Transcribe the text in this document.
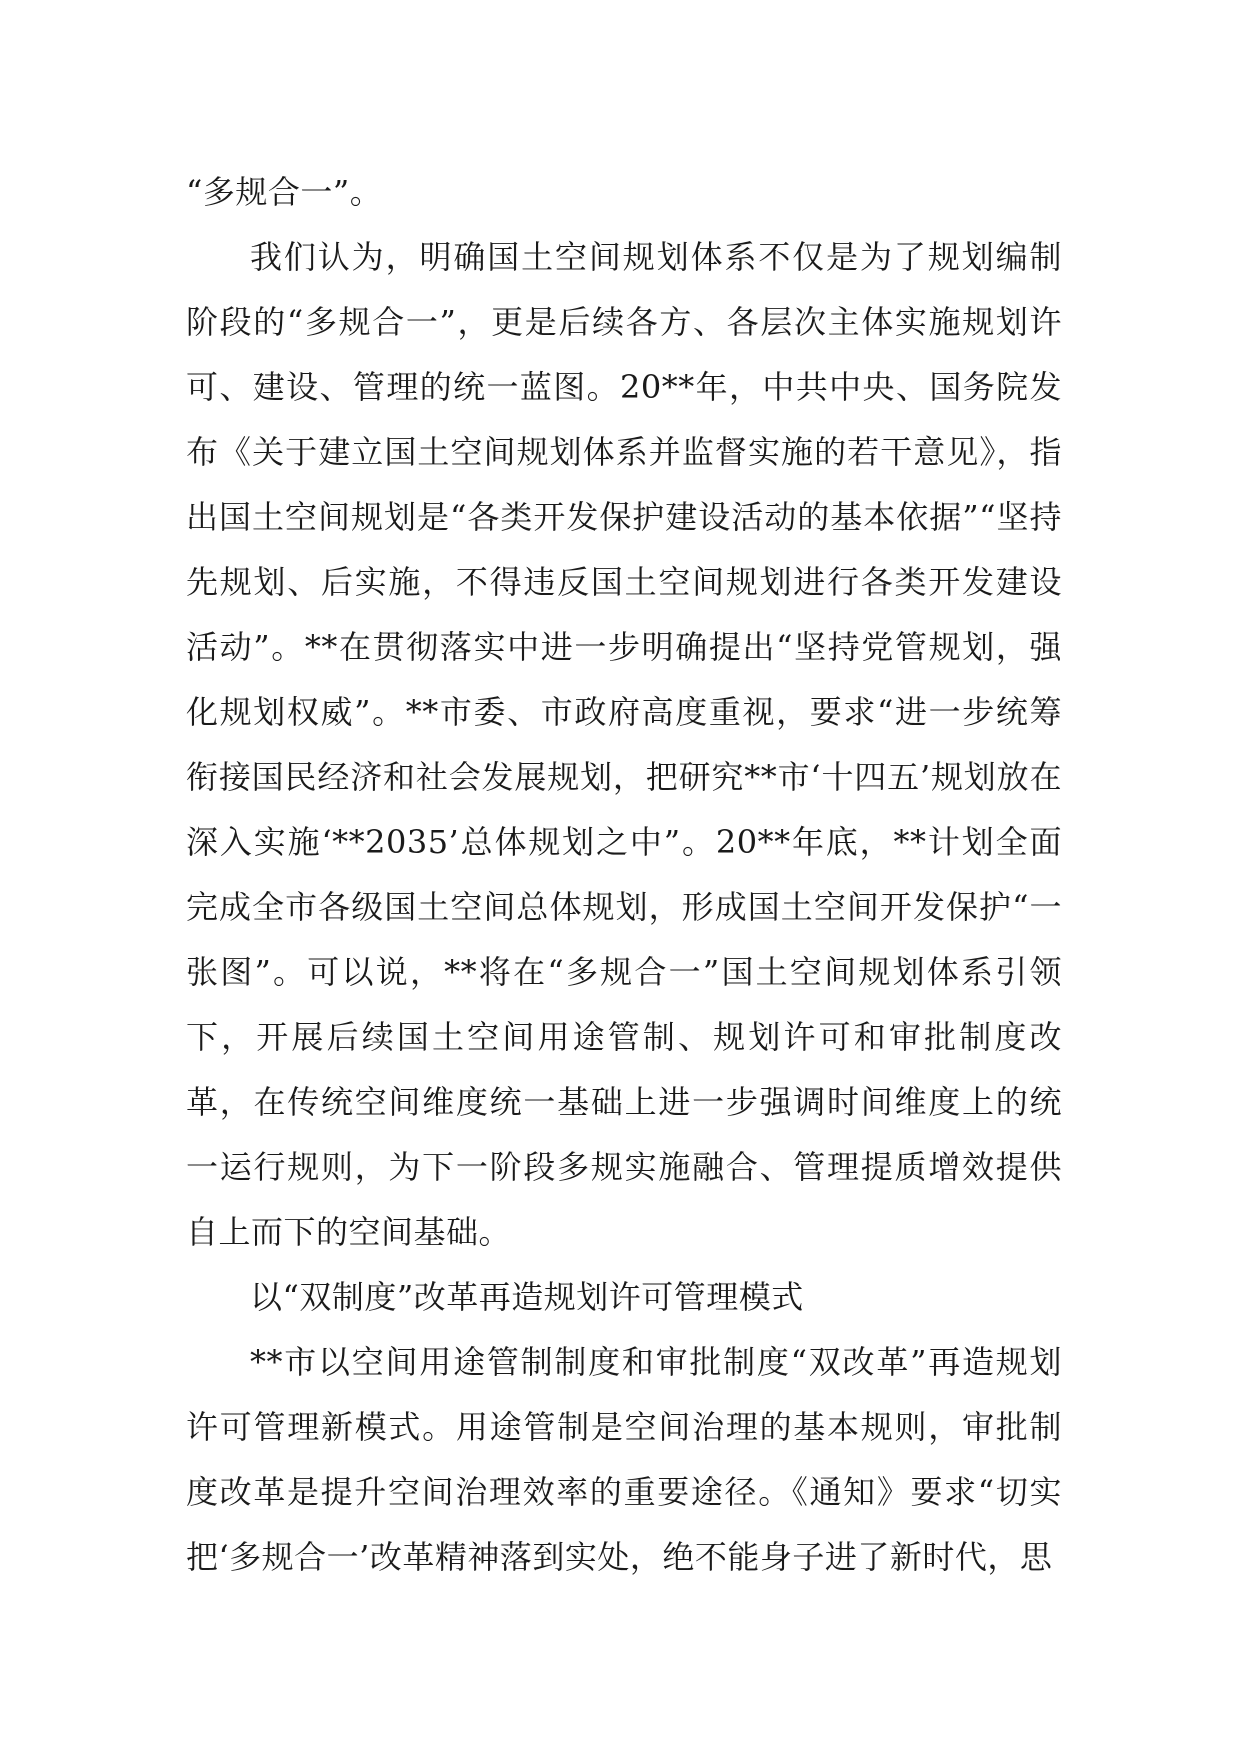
“多规合一”。

我们认为，明确国土空间规划体系不仅是为了规划编制阶段的“多规合一”，更是后续各方、各层次主体实施规划许可、建设、管理的统一蓝图。20**年，中共中央、国务院发布《关于建立国土空间规划体系并监督实施的若干意见》，指出国土空间规划是“各类开发保护建设活动的基本依据”“坚持先规划、后实施，不得违反国土空间规划进行各类开发建设活动”。**在贯彻落实中进一步明确提出“坚持党管规划，强化规划权威”。**市委、市政府高度重视，要求“进一步统筹衔接国民经济和社会发展规划，把研究**市‘十四五’规划放在深入实施‘**2035’总体规划之中”。20**年底，**计划全面完成全市各级国土空间总体规划，形成国土空间开发保护“一张图”。可以说，**将在“多规合一”国土空间规划体系引领下，开展后续国土空间用途管制、规划许可和审批制度改革，在传统空间维度统一基础上进一步强调时间维度上的统一运行规则，为下一阶段多规实施融合、管理提质增效提供自上而下的空间基础。

以“双制度”改革再造规划许可管理模式

**市以空间用途管制制度和审批制度“双改革”再造规划许可管理新模式。用途管制是空间治理的基本规则，审批制度改革是提升空间治理效率的重要途径。《通知》要求“切实把‘多规合一’改革精神落到实处，绝不能身子进了新时代，思
